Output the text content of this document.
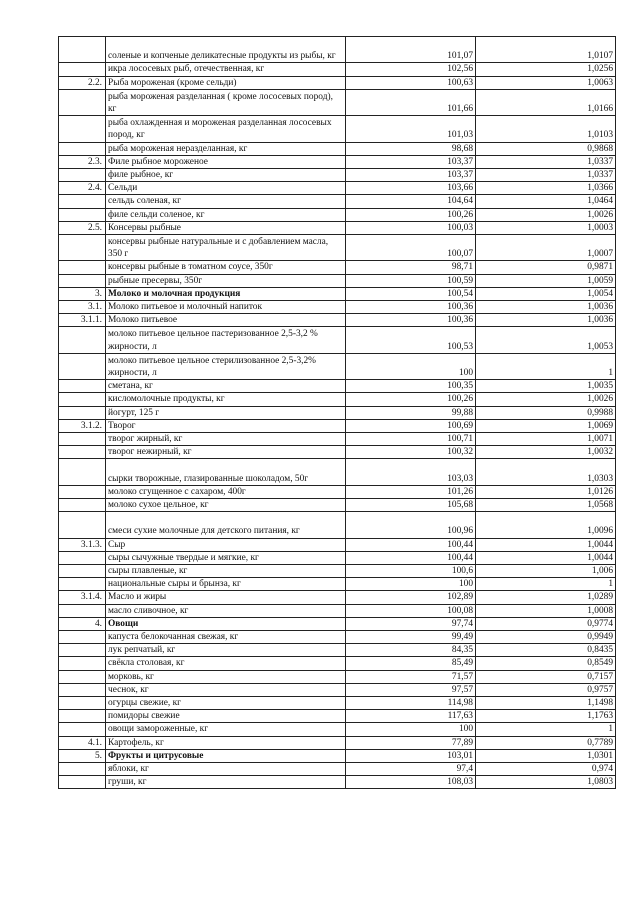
	соленые и копченые деликатесные продукты из рыбы, кг	101,07	1,0107
	икра лососевых рыб, отечественная, кг	102,56	1,0256
2.2.	Рыба мороженая (кроме сельди)	100,63	1,0063
	рыба мороженая разделанная ( кроме лососевых пород), кг	101,66	1,0166
	рыба охлажденная и мороженая разделанная лососевых пород, кг	101,03	1,0103
	рыба мороженая неразделанная, кг	98,68	0,9868
2.3.	Филе рыбное мороженое	103,37	1,0337
	филе рыбное, кг	103,37	1,0337
2.4.	Сельди	103,66	1,0366
	сельдь соленая, кг	104,64	1,0464
	филе сельди соленое, кг	100,26	1,0026
2.5.	Консервы рыбные	100,03	1,0003
	консервы рыбные натуральные и с добавлением масла, 350 г	100,07	1,0007
	консервы рыбные в томатном соусе, 350г	98,71	0,9871
	рыбные пресервы, 350г	100,59	1,0059
3.	Молоко и молочная продукция	100,54	1,0054
3.1.	Молоко питьевое и молочный напиток	100,36	1,0036
3.1.1.	Молоко питьевое	100,36	1,0036
	молоко питьевое цельное пастеризованное 2,5-3,2 % жирности, л	100,53	1,0053
	молоко питьевое цельное стерилизованное 2,5-3,2% жирности, л	100	1
	сметана, кг	100,35	1,0035
	кисломолочные продукты, кг	100,26	1,0026
	йогурт, 125 г	99,88	0,9988
3.1.2.	Творог	100,69	1,0069
	творог жирный, кг	100,71	1,0071
	творог нежирный, кг	100,32	1,0032
	сырки творожные, глазированные шоколадом, 50г	103,03	1,0303
	молоко сгущенное с сахаром, 400г	101,26	1,0126
	молоко сухое цельное, кг	105,68	1,0568
	смеси сухие молочные для детского питания, кг	100,96	1,0096
3.1.3.	Сыр	100,44	1,0044
	сыры сычужные твердые и мягкие, кг	100,44	1,0044
	сыры плавленые, кг	100,6	1,006
	национальные сыры и брынза, кг	100	1
3.1.4.	Масло и жиры	102,89	1,0289
	масло сливочное, кг	100,08	1,0008
4.	Овощи	97,74	0,9774
	капуста белокочанная свежая, кг	99,49	0,9949
	лук репчатый, кг	84,35	0,8435
	свёкла столовая, кг	85,49	0,8549
	морковь, кг	71,57	0,7157
	чеснок, кг	97,57	0,9757
	огурцы свежие, кг	114,98	1,1498
	помидоры свежие	117,63	1,1763
	овощи замороженные, кг	100	1
4.1.	Картофель, кг	77,89	0,7789
5.	Фрукты и цитрусовые	103,01	1,0301
	яблоки, кг	97,4	0,974
	груши, кг	108,03	1,0803
